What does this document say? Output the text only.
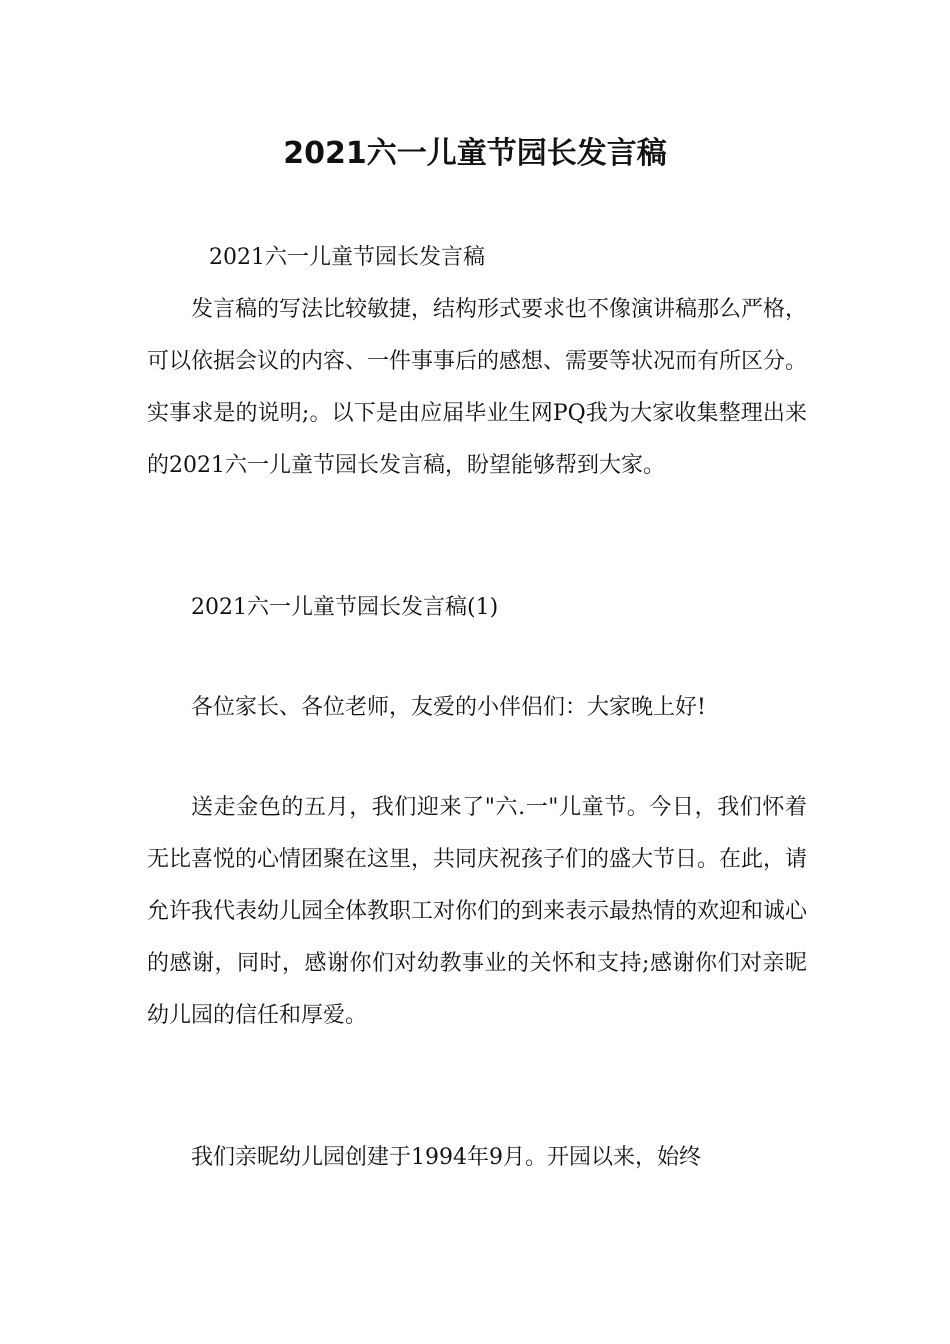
2021六一儿童节园长发言稿

2021六一儿童节园长发言稿

发言稿的写法比较敏捷，结构形式要求也不像演讲稿那么严格，可以依据会议的内容、一件事事后的感想、需要等状况而有所区分。实事求是的说明;。以下是由应届毕业生网PQ我为大家收集整理出来的2021六一儿童节园长发言稿，盼望能够帮到大家。

2021六一儿童节园长发言稿(1)

各位家长、各位老师，友爱的小伴侣们：大家晚上好!

送走金色的五月，我们迎来了"六.一"儿童节。今日，我们怀着无比喜悦的心情团聚在这里，共同庆祝孩子们的盛大节日。在此，请允许我代表幼儿园全体教职工对你们的到来表示最热情的欢迎和诚心的感谢，同时，感谢你们对幼教事业的关怀和支持;感谢你们对亲昵幼儿园的信任和厚爱。

我们亲昵幼儿园创建于1994年9月。开园以来，始终
